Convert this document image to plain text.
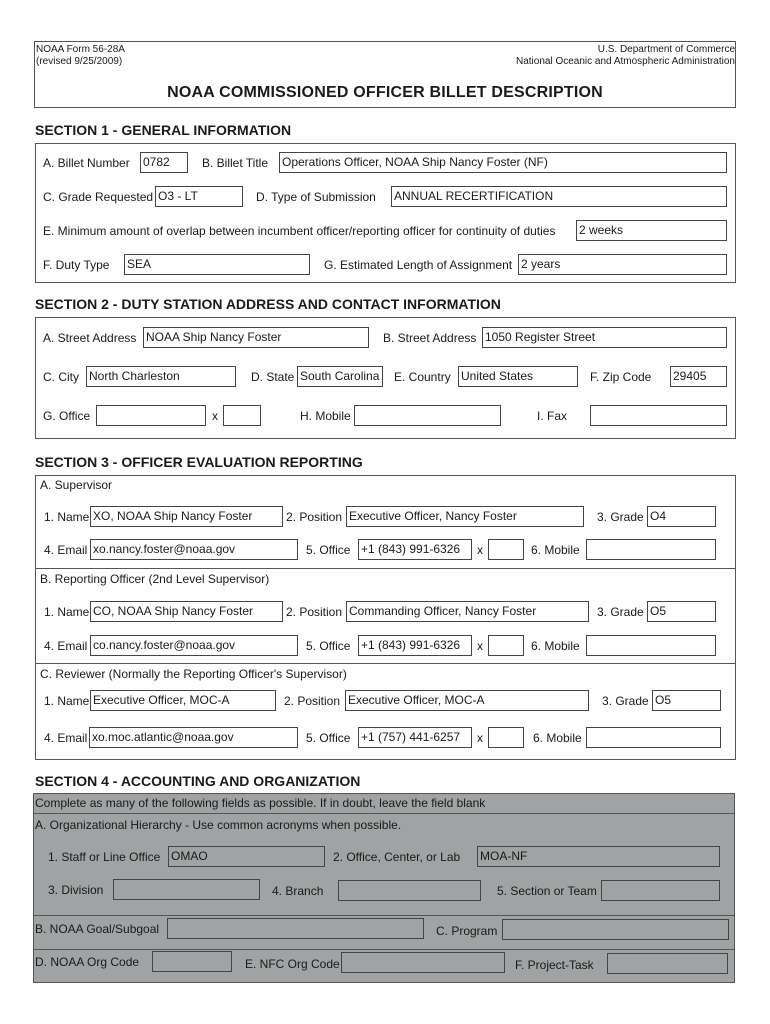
NOAA Form 56-28A
(revised 9/25/2009)
U.S. Department of Commerce
National Oceanic and Atmospheric Administration
NOAA COMMISSIONED OFFICER BILLET DESCRIPTION
SECTION 1 - GENERAL INFORMATION
A. Billet Number 0782	B. Billet Title Operations Officer, NOAA Ship Nancy Foster (NF)
C. Grade Requested O3 - LT	D. Type of Submission ANNUAL RECERTIFICATION
E. Minimum amount of overlap between incumbent officer/reporting officer for continuity of duties 2 weeks
F. Duty Type SEA	G. Estimated Length of Assignment 2 years
SECTION 2 - DUTY STATION ADDRESS AND CONTACT INFORMATION
A. Street Address NOAA Ship Nancy Foster	B. Street Address 1050 Register Street
C. City North Charleston	D. State South Carolina	E. Country United States	F. Zip Code 29405
G. Office	x	H. Mobile	I. Fax
SECTION 3 - OFFICER EVALUATION REPORTING
A. Supervisor
1. Name XO, NOAA Ship Nancy Foster	2. Position Executive Officer, Nancy Foster	3. Grade O4
4. Email xo.nancy.foster@noaa.gov	5. Office +1 (843) 991-6326	x	6. Mobile
B. Reporting Officer (2nd Level Supervisor)
1. Name CO, NOAA Ship Nancy Foster	2. Position Commanding Officer, Nancy Foster	3. Grade O5
4. Email co.nancy.foster@noaa.gov	5. Office +1 (843) 991-6326	x	6. Mobile
C. Reviewer (Normally the Reporting Officer's Supervisor)
1. Name Executive Officer, MOC-A	2. Position Executive Officer, MOC-A	3. Grade O5
4. Email xo.moc.atlantic@noaa.gov	5. Office +1 (757) 441-6257	x	6. Mobile
SECTION 4 - ACCOUNTING AND ORGANIZATION
Complete as many of the following fields as possible. If in doubt, leave the field blank
A. Organizational Hierarchy - Use common acronyms when possible.
1. Staff or Line Office OMAO	2. Office, Center, or Lab MOA-NF
3. Division	4. Branch	5. Section or Team
B. NOAA Goal/Subgoal	C. Program
D. NOAA Org Code	E. NFC Org Code	F. Project-Task
